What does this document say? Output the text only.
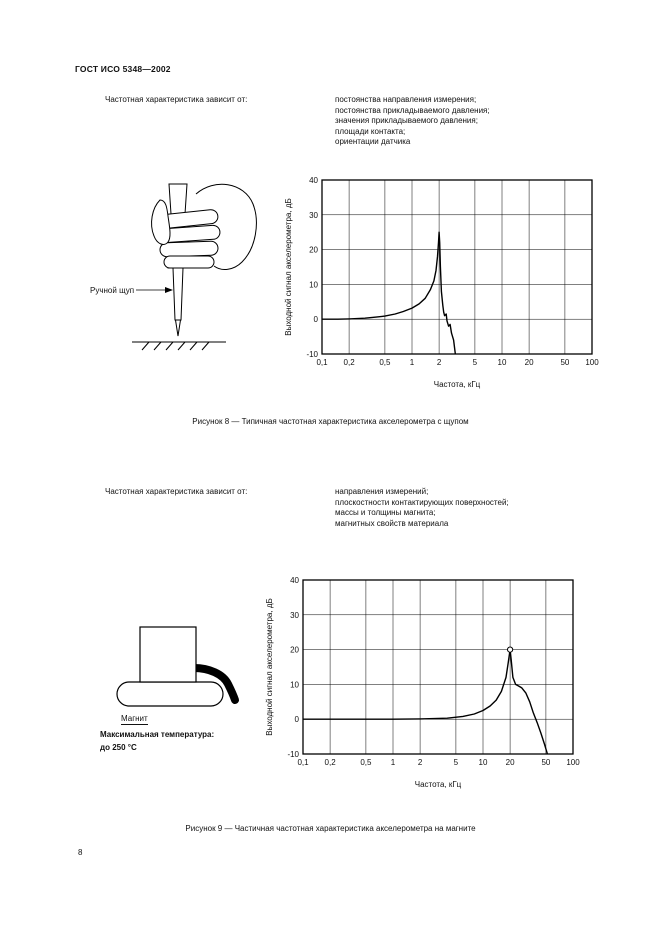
ГОСТ ИСО 5348—2002
Частотная характеристика зависит от:	постоянства направления измерения;
постоянства прикладываемого давления;
значения прикладываемого давления;
площади контакта;
ориентации датчика
Ручной щуп
0,1 0,2	0,5 1	2	5	10 20	50 100
-10
0
10
20
30
40
Частота, кГц
Выходной сигнал акселерометра, дБ
Рисунок 8 — Типичная частотная характеристика акселерометра с щупом
Частотная характеристика зависит от:	направления измерений;
плоскостности контактирующих поверхностей;
массы и толщины магнита;
магнитных свойств материала
Магнит
Максимальная температура:
до 250 °С
0,1 0,2	0,5 1	2	5	10 20	50 100
-10
0
10
20
30
40
Частота, кГц
Выходной сигнал акселерометра, дБ
Рисунок 9 — Частичная частотная характеристика акселерометра на магните
8
